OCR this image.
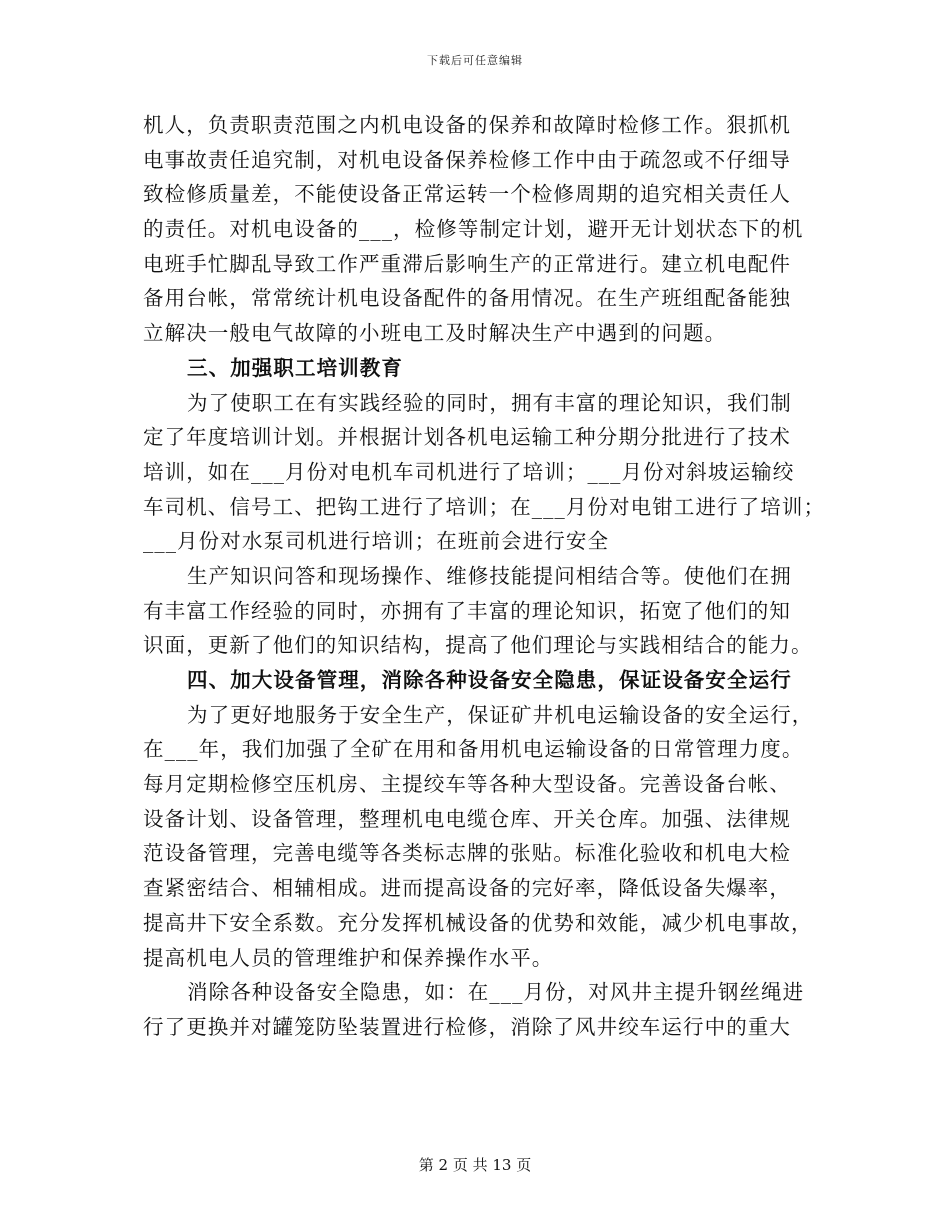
下载后可任意编辑
机人，负责职责范围之内机电设备的保养和故障时检修工作。狠抓机
电事故责任追究制，对机电设备保养检修工作中由于疏忽或不仔细导
致检修质量差，不能使设备正常运转一个检修周期的追究相关责任人
的责任。对机电设备的___，检修等制定计划，避开无计划状态下的机
电班手忙脚乱导致工作严重滞后影响生产的正常进行。建立机电配件
备用台帐，常常统计机电设备配件的备用情况。在生产班组配备能独
立解决一般电气故障的小班电工及时解决生产中遇到的问题。
三、加强职工培训教育
为了使职工在有实践经验的同时，拥有丰富的理论知识，我们制
定了年度培训计划。并根据计划各机电运输工种分期分批进行了技术
培训，如在___月份对电机车司机进行了培训；___月份对斜坡运输绞
车司机、信号工、把钩工进行了培训；在___月份对电钳工进行了培训；
___月份对水泵司机进行培训；在班前会进行安全
生产知识问答和现场操作、维修技能提问相结合等。使他们在拥
有丰富工作经验的同时，亦拥有了丰富的理论知识，拓宽了他们的知
识面，更新了他们的知识结构，提高了他们理论与实践相结合的能力。
四、加大设备管理，消除各种设备安全隐患，保证设备安全运行
为了更好地服务于安全生产，保证矿井机电运输设备的安全运行，
在___年，我们加强了全矿在用和备用机电运输设备的日常管理力度。
每月定期检修空压机房、主提绞车等各种大型设备。完善设备台帐、
设备计划、设备管理，整理机电电缆仓库、开关仓库。加强、法律规
范设备管理，完善电缆等各类标志牌的张贴。标准化验收和机电大检
查紧密结合、相辅相成。进而提高设备的完好率，降低设备失爆率，
提高井下安全系数。充分发挥机械设备的优势和效能，减少机电事故，
提高机电人员的管理维护和保养操作水平。
消除各种设备安全隐患，如：在___月份，对风井主提升钢丝绳进
行了更换并对罐笼防坠装置进行检修，消除了风井绞车运行中的重大
第 2 页 共 13 页
